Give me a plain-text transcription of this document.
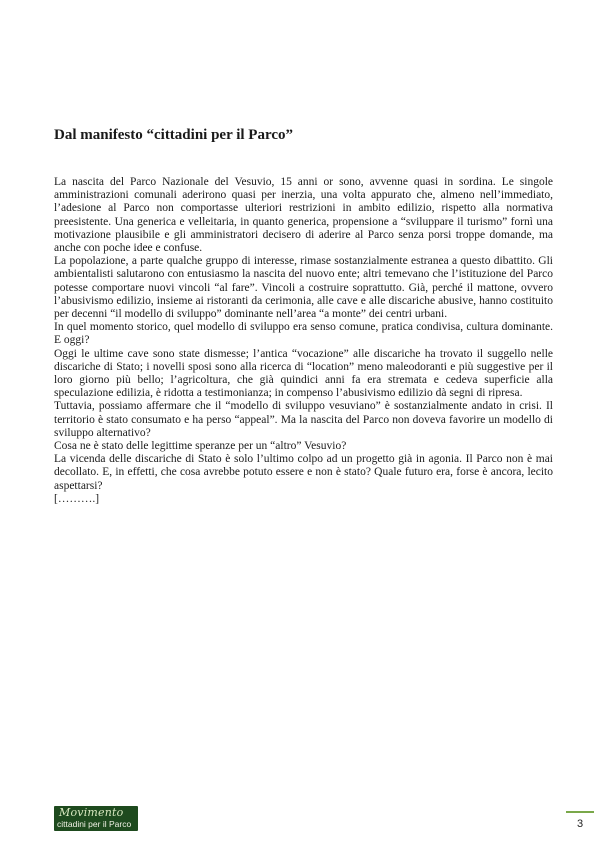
Dal manifesto “cittadini per il Parco”

La nascita del Parco Nazionale del Vesuvio, 15 anni or sono, avvenne quasi in sordina. Le singole amministrazioni comunali aderirono quasi per inerzia, una volta appurato che, almeno nell’immediato, l’adesione al Parco non comportasse ulteriori restrizioni in ambito edilizio, rispetto alla normativa preesistente. Una generica e velleitaria, in quanto generica, propensione a “sviluppare il turismo” fornì una motivazione plausibile e gli amministratori decisero di aderire al Parco senza porsi troppe domande, ma anche con poche idee e confuse.

La popolazione, a parte qualche gruppo di interesse, rimase sostanzialmente estranea a questo dibattito. Gli ambientalisti salutarono con entusiasmo la nascita del nuovo ente; altri temevano che l’istituzione del Parco potesse comportare nuovi vincoli “al fare”. Vincoli a costruire soprattutto. Già, perché il mattone, ovvero l’abusivismo edilizio, insieme ai ristoranti da cerimonia, alle cave e alle discariche abusive, hanno costituito per decenni “il modello di sviluppo” dominante nell’area “a monte” dei centri urbani.

In quel momento storico, quel modello di sviluppo era senso comune, pratica condivisa, cultura dominante. E oggi?

Oggi le ultime cave sono state dismesse; l’antica “vocazione” alle discariche ha trovato il suggello nelle discariche di Stato; i novelli sposi sono alla ricerca di “location” meno maleodoranti e più suggestive per il loro giorno più bello; l’agricoltura, che già quindici anni fa era stremata e cedeva superficie alla speculazione edilizia, è ridotta a testimonianza; in compenso l’abusivismo edilizio dà segni di ripresa.

Tuttavia, possiamo affermare che il “modello di sviluppo vesuviano” è sostanzialmente andato in crisi. Il territorio è stato consumato e ha perso “appeal”. Ma la nascita del Parco non doveva favorire un modello di sviluppo alternativo?

Cosa ne è stato delle legittime speranze per un “altro” Vesuvio?

La vicenda delle discariche di Stato è solo l’ultimo colpo ad un progetto già in agonia. Il Parco non è mai decollato. E, in effetti, che cosa avrebbe potuto essere e non è stato? Quale futuro era, forse è ancora, lecito aspettarsi?

[……….]

Movimento
cittadini per il Parco	3
